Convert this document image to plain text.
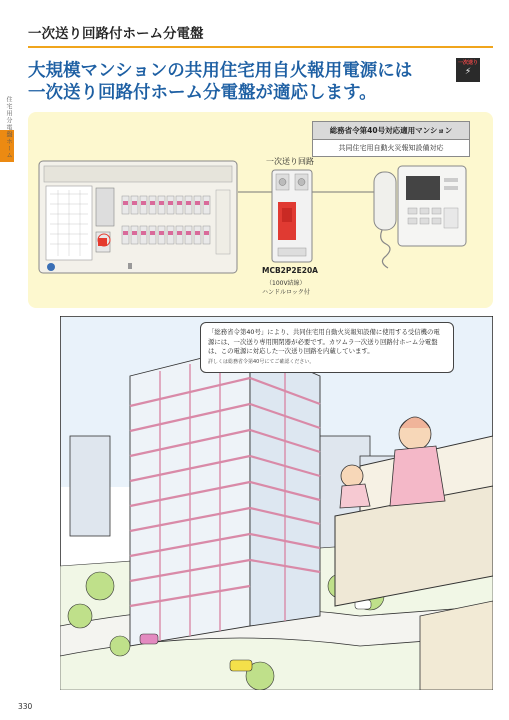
一次送り回路付ホーム分電盤
住宅用分電盤ホーム
大規模マンションの共用住宅用自火報用電源には
一次送り回路付ホーム分電盤が適応します。
一次送り
⚡
一次送り回路
MCB2P2E20A
（100V結線）
ハンドルロック付
総務省令第40号対応適用マンション
共同住宅用自動火災報知設備対応
「総務省令第40号」により、共同住宅用自動火災報知設備に使用する受信機の電源には、一次送り専用開閉器が必要です。カワムラ一次送り回路付ホーム分電盤は、この電源に対応した一次送り回路を内蔵しています。
詳しくは総務省令第40号にてご確認ください。
330
